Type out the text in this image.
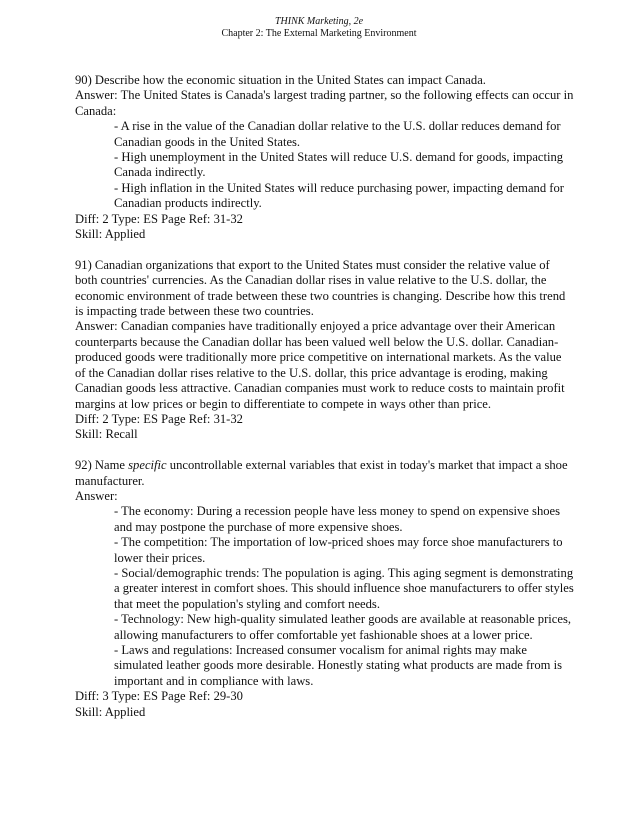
THINK Marketing, 2e
Chapter 2: The External Marketing Environment
90) Describe how the economic situation in the United States can impact Canada.
Answer: The United States is Canada's largest trading partner, so the following effects can occur in Canada:
- A rise in the value of the Canadian dollar relative to the U.S. dollar reduces demand for Canadian goods in the United States.
- High unemployment in the United States will reduce U.S. demand for goods, impacting Canada indirectly.
- High inflation in the United States will reduce purchasing power, impacting demand for Canadian products indirectly.
Diff: 2 Type: ES Page Ref: 31-32
Skill: Applied
91) Canadian organizations that export to the United States must consider the relative value of both countries' currencies. As the Canadian dollar rises in value relative to the U.S. dollar, the economic environment of trade between these two countries is changing. Describe how this trend is impacting trade between these two countries.
Answer: Canadian companies have traditionally enjoyed a price advantage over their American counterparts because the Canadian dollar has been valued well below the U.S. dollar. Canadian-produced goods were traditionally more price competitive on international markets. As the value of the Canadian dollar rises relative to the U.S. dollar, this price advantage is eroding, making Canadian goods less attractive. Canadian companies must work to reduce costs to maintain profit margins at low prices or begin to differentiate to compete in ways other than price.
Diff: 2 Type: ES Page Ref: 31-32
Skill: Recall
92) Name specific uncontrollable external variables that exist in today's market that impact a shoe manufacturer.
Answer:
- The economy: During a recession people have less money to spend on expensive shoes and may postpone the purchase of more expensive shoes.
- The competition: The importation of low-priced shoes may force shoe manufacturers to lower their prices.
- Social/demographic trends: The population is aging. This aging segment is demonstrating a greater interest in comfort shoes. This should influence shoe manufacturers to offer styles that meet the population's styling and comfort needs.
- Technology: New high-quality simulated leather goods are available at reasonable prices, allowing manufacturers to offer comfortable yet fashionable shoes at a lower price.
- Laws and regulations: Increased consumer vocalism for animal rights may make simulated leather goods more desirable. Honestly stating what products are made from is important and in compliance with laws.
Diff: 3 Type: ES Page Ref: 29-30
Skill: Applied
